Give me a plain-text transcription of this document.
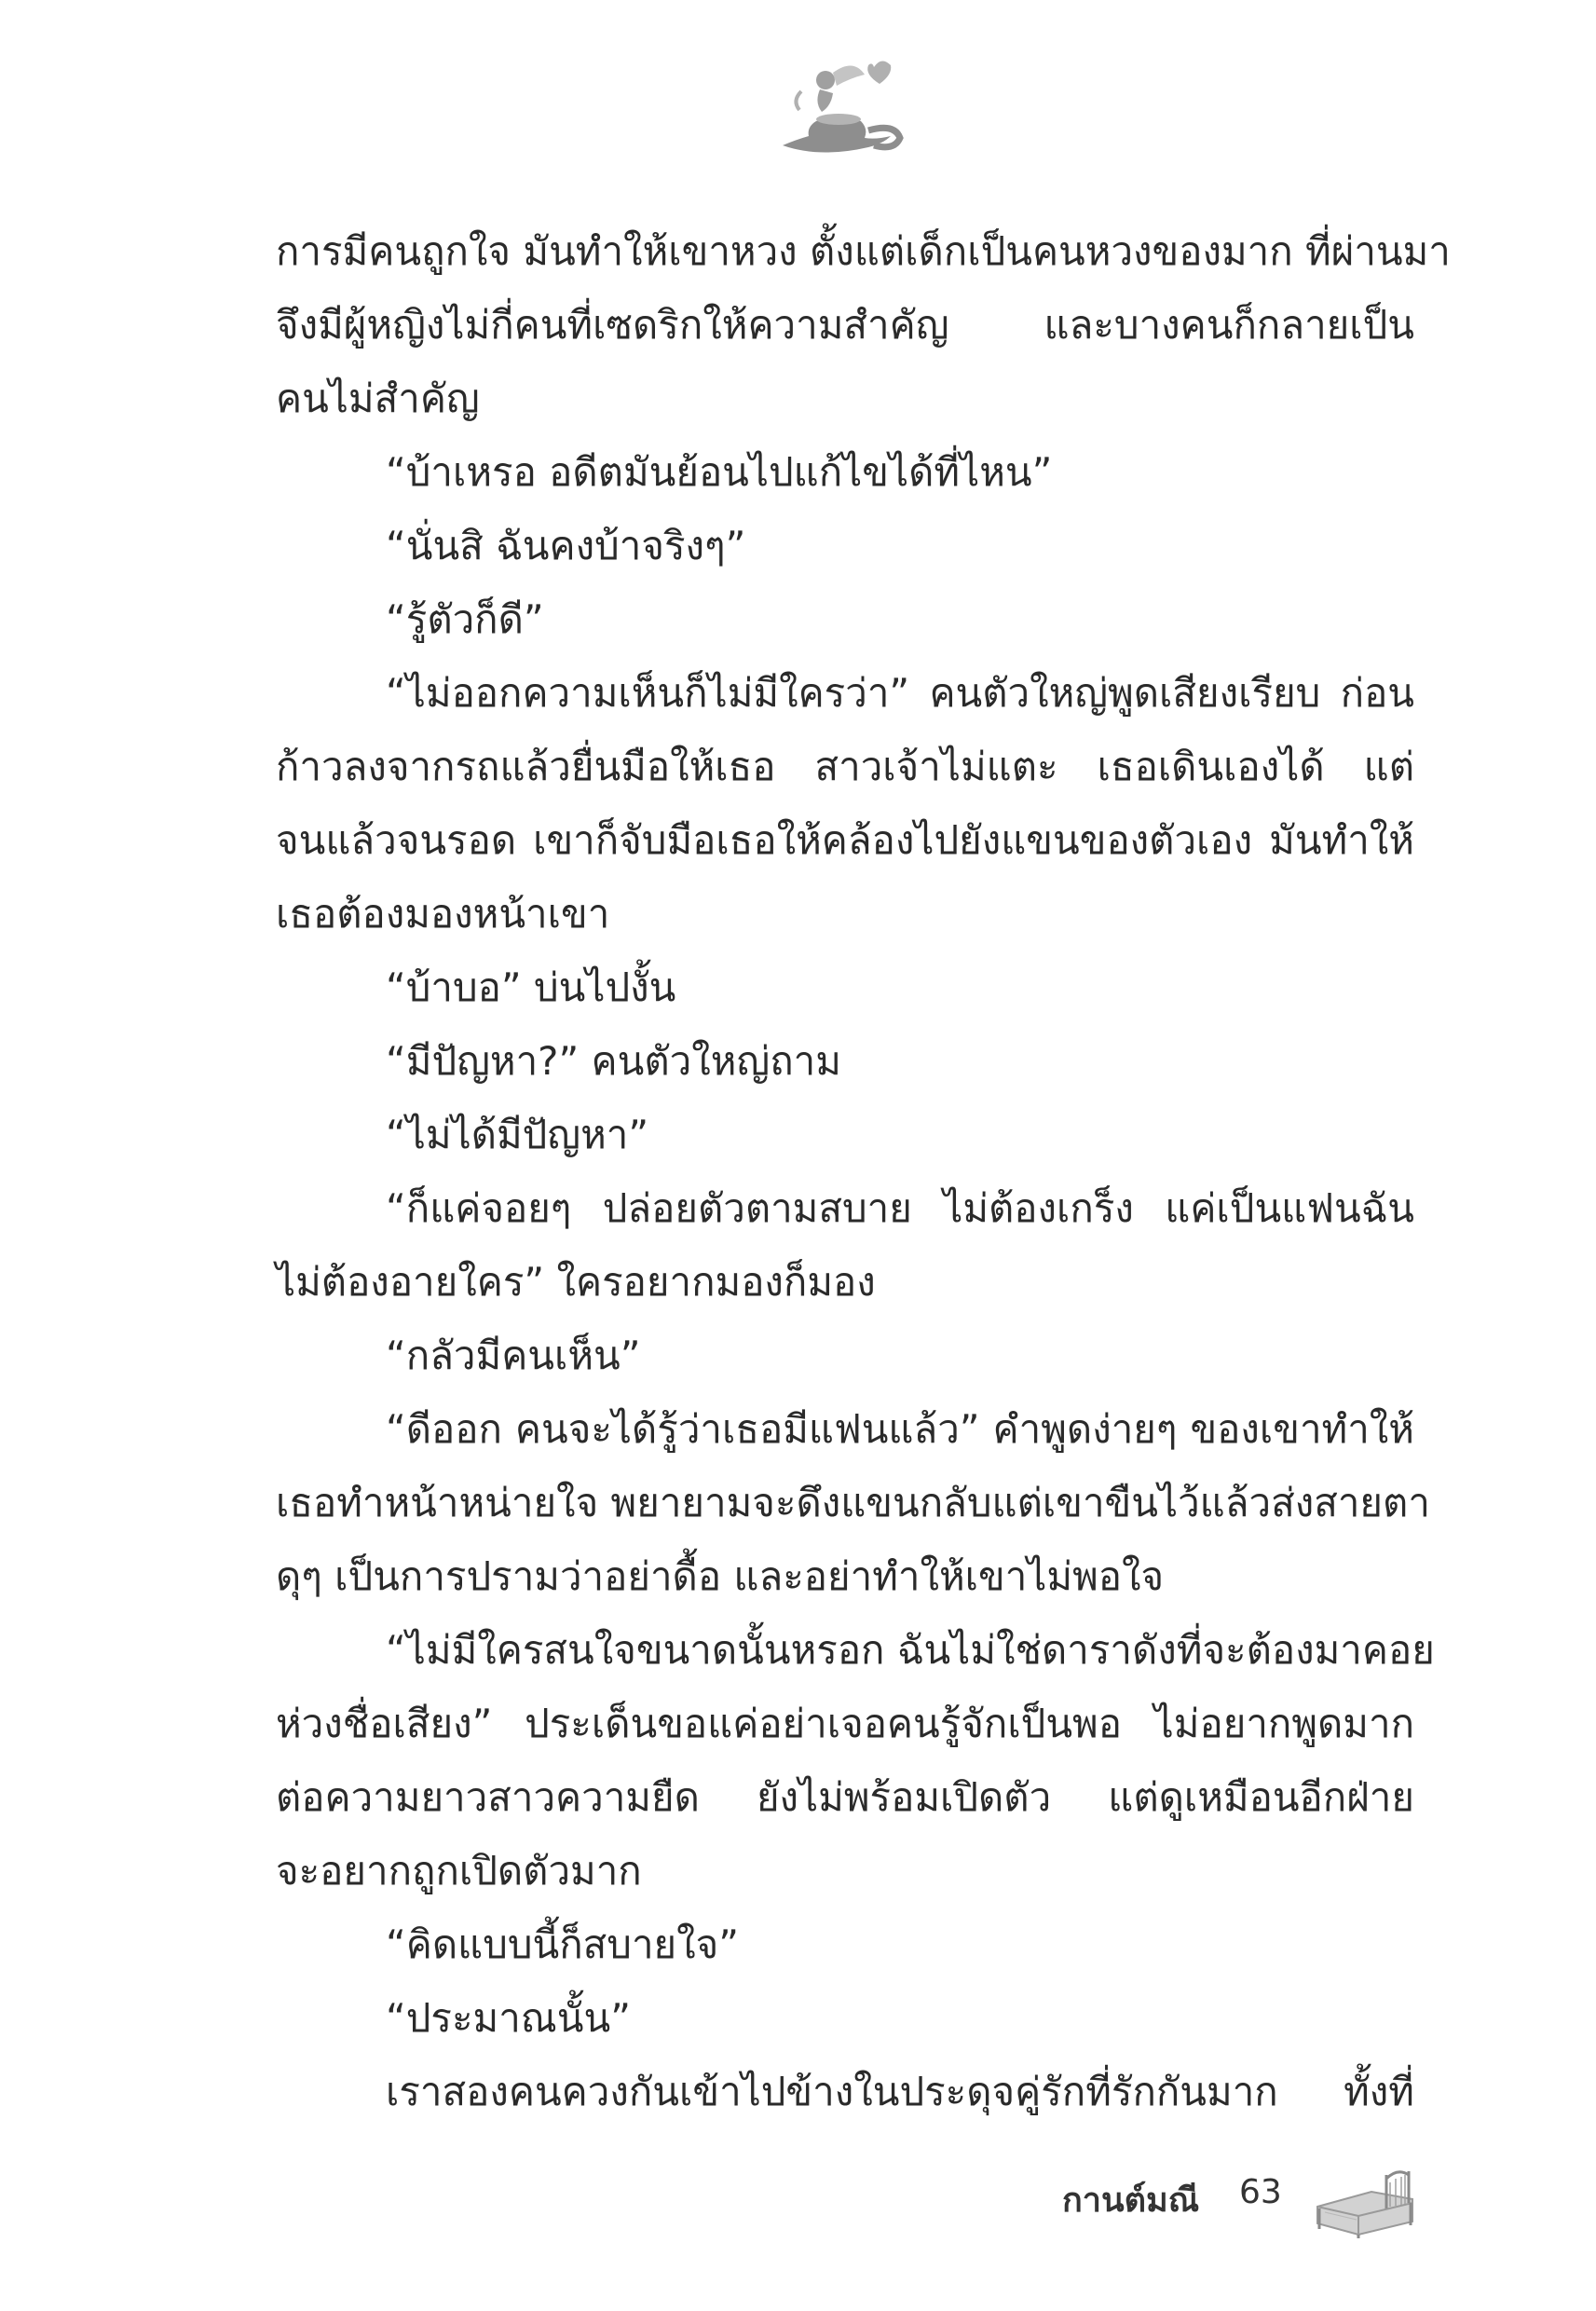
การมีคนถูกใจ มันทำให้เขาหวง ตั้งแต่เด็กเป็นคนหวงของมาก ที่ผ่านมา
จึงมีผู้หญิงไม่กี่คนที่เซดริกให้ความสำคัญ และบางคนก็กลายเป็น
คนไม่สำคัญ
“บ้าเหรอ อดีตมันย้อนไปแก้ไขได้ที่ไหน”
“นั่นสิ ฉันคงบ้าจริงๆ”
“รู้ตัวก็ดี”
“ไม่ออกความเห็นก็ไม่มีใครว่า” คนตัวใหญ่พูดเสียงเรียบ ก่อน
ก้าวลงจากรถแล้วยื่นมือให้เธอ สาวเจ้าไม่แตะ เธอเดินเองได้ แต่
จนแล้วจนรอด เขาก็จับมือเธอให้คล้องไปยังแขนของตัวเอง มันทำให้
เธอต้องมองหน้าเขา
“บ้าบอ” บ่นไปงั้น
“มีปัญหา?” คนตัวใหญ่ถาม
“ไม่ได้มีปัญหา”
“ก็แค่จอยๆ ปล่อยตัวตามสบาย ไม่ต้องเกร็ง แค่เป็นแฟนฉัน
ไม่ต้องอายใคร” ใครอยากมองก็มอง
“กลัวมีคนเห็น”
“ดีออก คนจะได้รู้ว่าเธอมีแฟนแล้ว” คำพูดง่ายๆ ของเขาทำให้
เธอทำหน้าหน่ายใจ พยายามจะดึงแขนกลับแต่เขาขืนไว้แล้วส่งสายตา
ดุๆ เป็นการปรามว่าอย่าดื้อ และอย่าทำให้เขาไม่พอใจ
“ไม่มีใครสนใจขนาดนั้นหรอก ฉันไม่ใช่ดาราดังที่จะต้องมาคอย
ห่วงชื่อเสียง” ประเด็นขอแค่อย่าเจอคนรู้จักเป็นพอ ไม่อยากพูดมาก
ต่อความยาวสาวความยืด ยังไม่พร้อมเปิดตัว แต่ดูเหมือนอีกฝ่าย
จะอยากถูกเปิดตัวมาก
“คิดแบบนี้ก็สบายใจ”
“ประมาณนั้น”
เราสองคนควงกันเข้าไปข้างในประดุจคู่รักที่รักกันมาก ทั้งที่
กานต์มณี 63
